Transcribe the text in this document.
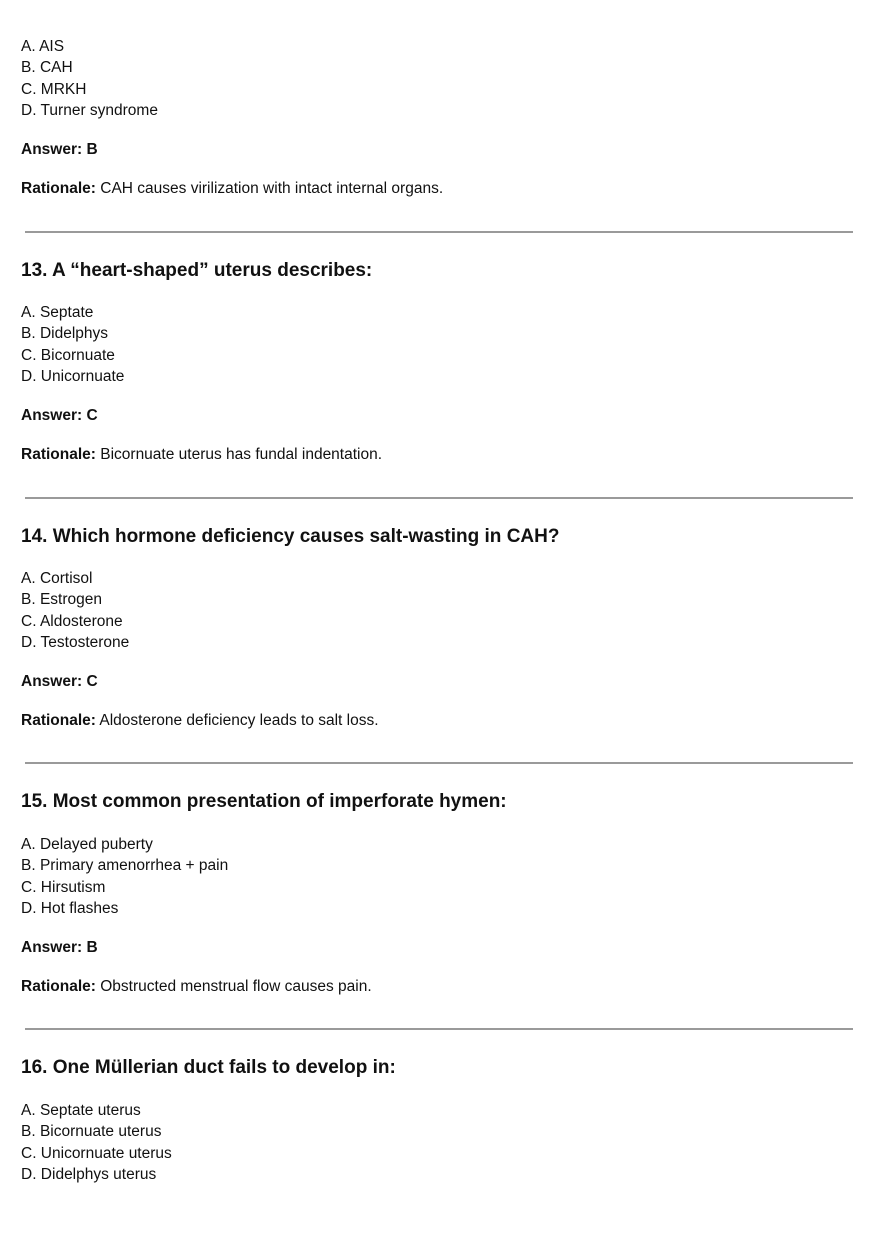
A. AIS
B. CAH
C. MRKH
D. Turner syndrome
Answer: B
Rationale: CAH causes virilization with intact internal organs.
13. A “heart-shaped” uterus describes:
A. Septate
B. Didelphys
C. Bicornuate
D. Unicornuate
Answer: C
Rationale: Bicornuate uterus has fundal indentation.
14. Which hormone deficiency causes salt-wasting in CAH?
A. Cortisol
B. Estrogen
C. Aldosterone
D. Testosterone
Answer: C
Rationale: Aldosterone deficiency leads to salt loss.
15. Most common presentation of imperforate hymen:
A. Delayed puberty
B. Primary amenorrhea + pain
C. Hirsutism
D. Hot flashes
Answer: B
Rationale: Obstructed menstrual flow causes pain.
16. One Müllerian duct fails to develop in:
A. Septate uterus
B. Bicornuate uterus
C. Unicornuate uterus
D. Didelphys uterus
